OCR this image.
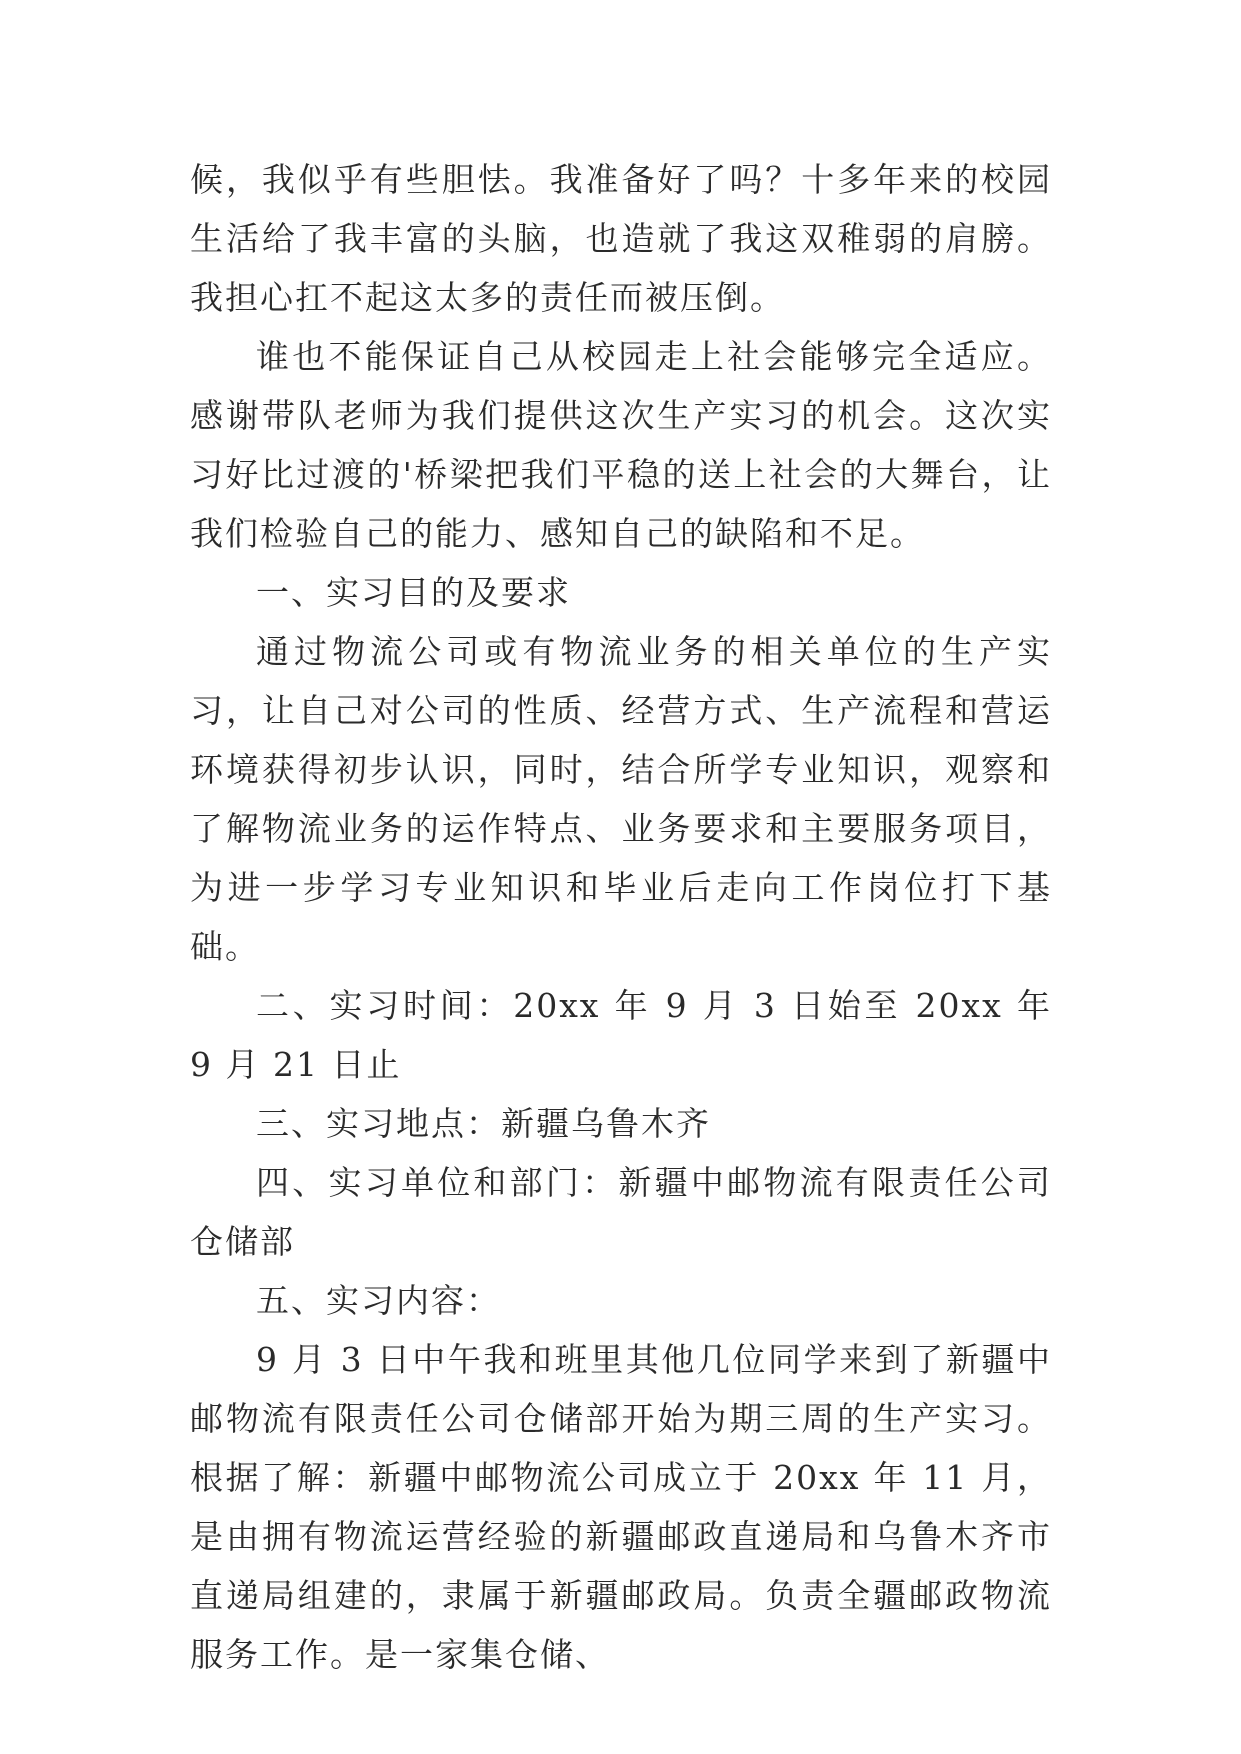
候，我似乎有些胆怯。我准备好了吗？十多年来的校园生活给了我丰富的头脑，也造就了我这双稚弱的肩膀。我担心扛不起这太多的责任而被压倒。

谁也不能保证自己从校园走上社会能够完全适应。感谢带队老师为我们提供这次生产实习的机会。这次实习好比过渡的'桥梁把我们平稳的送上社会的大舞台，让我们检验自己的能力、感知自己的缺陷和不足。

一、实习目的及要求

通过物流公司或有物流业务的相关单位的生产实习，让自己对公司的性质、经营方式、生产流程和营运环境获得初步认识，同时，结合所学专业知识，观察和了解物流业务的运作特点、业务要求和主要服务项目，为进一步学习专业知识和毕业后走向工作岗位打下基础。

二、实习时间：20xx 年 9 月 3 日始至 20xx 年 9 月 21 日止

三、实习地点：新疆乌鲁木齐

四、实习单位和部门：新疆中邮物流有限责任公司仓储部

五、实习内容：

9 月 3 日中午我和班里其他几位同学来到了新疆中邮物流有限责任公司仓储部开始为期三周的生产实习。根据了解：新疆中邮物流公司成立于 20xx 年 11 月，是由拥有物流运营经验的新疆邮政直递局和乌鲁木齐市直递局组建的，隶属于新疆邮政局。负责全疆邮政物流服务工作。是一家集仓储、
